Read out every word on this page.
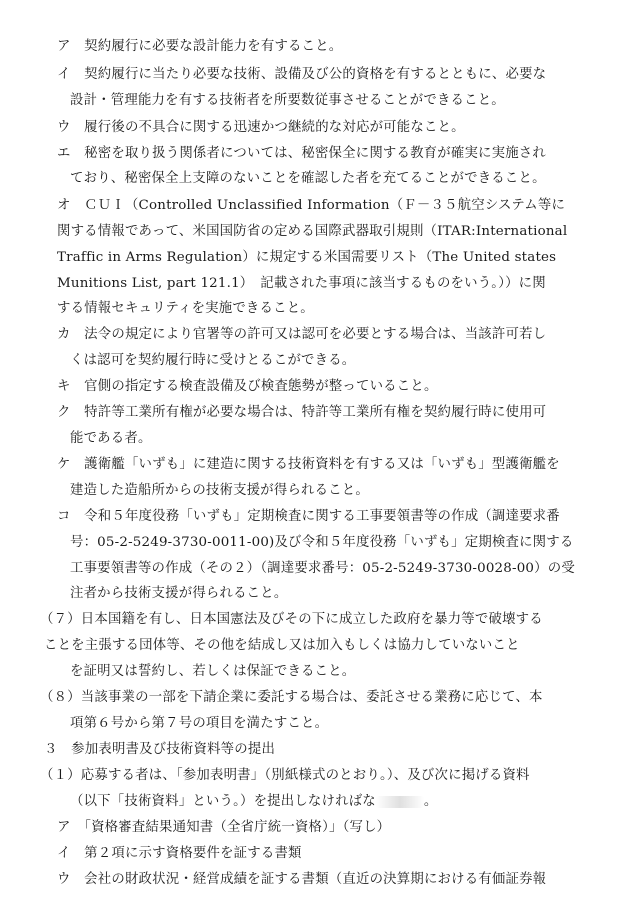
ア　契約履行に必要な設計能力を有すること。
イ　契約履行に当たり必要な技術、設備及び公的資格を有するとともに、必要な
設計・管理能力を有する技術者を所要数従事させることができること。
ウ　履行後の不具合に関する迅速かつ継続的な対応が可能なこと。
エ　秘密を取り扱う関係者については、秘密保全に関する教育が確実に実施され
ており、秘密保全上支障のないことを確認した者を充てることができること。
オ　ＣＵＩ（Controlled Unclassified Information（Ｆ－３５航空システム等に
関する情報であって、米国国防省の定める国際武器取引規則（ITAR:International
Traffic in Arms Regulation）に規定する米国需要リスト（The United states
Munitions List, part 121.1）　記載された事項に該当するものをいう。））に関
する情報セキュリティを実施できること。
カ　法令の規定により官署等の許可又は認可を必要とする場合は、当該許可若し
くは認可を契約履行時に受けとるこができる。
キ　官側の指定する検査設備及び検査態勢が整っていること。
ク　特許等工業所有権が必要な場合は、特許等工業所有権を契約履行時に使用可
能である者。
ケ　護衛艦「いずも」に建造に関する技術資料を有する又は「いずも」型護衛艦を
建造した造船所からの技術支援が得られること。
コ　令和５年度役務「いずも」定期検査に関する工事要領書等の作成（調達要求番
号：05-2-5249-3730-0011-00)及び令和５年度役務「いずも」定期検査に関する
工事要領書等の作成（その２）（調達要求番号：05-2-5249-3730-0028-00）の受
注者から技術支援が得られること。
（７）日本国籍を有し、日本国憲法及びその下に成立した政府を暴力等で破壊する
ことを主張する団体等、その他を結成し又は加入もしくは協力していないこと
を証明又は誓約し、若しくは保証できること。
（８）当該事業の一部を下請企業に委託する場合は、委託させる業務に応じて、本
項第６号から第７号の項目を満たすこと。
３　参加表明書及び技術資料等の提出
（１）応募する者は、「参加表明書」（別紙様式のとおり。）、及び次に掲げる資料
（以下「技術資料」という。）を提出しなければな	。
ア　「資格審査結果通知書（全省庁統一資格）」（写し）
イ　第２項に示す資格要件を証する書類
ウ　会社の財政状況・経営成績を証する書類（直近の決算期における有価証券報
